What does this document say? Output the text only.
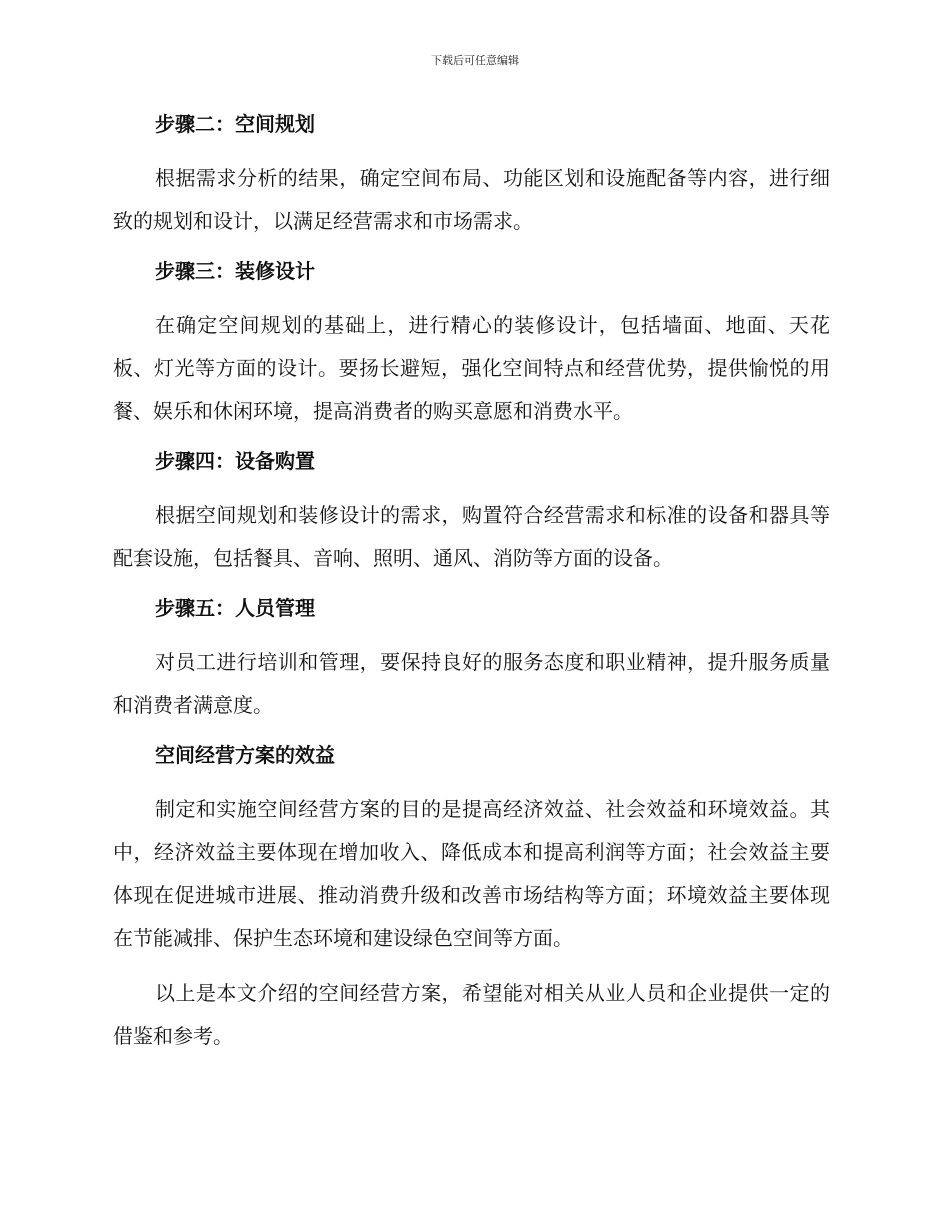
下载后可任意编辑
步骤二：空间规划

根据需求分析的结果，确定空间布局、功能区划和设施配备等内容，进行细致的规划和设计，以满足经营需求和市场需求。

步骤三：装修设计

在确定空间规划的基础上，进行精心的装修设计，包括墙面、地面、天花板、灯光等方面的设计。要扬长避短，强化空间特点和经营优势，提供愉悦的用餐、娱乐和休闲环境，提高消费者的购买意愿和消费水平。

步骤四：设备购置

根据空间规划和装修设计的需求，购置符合经营需求和标准的设备和器具等配套设施，包括餐具、音响、照明、通风、消防等方面的设备。

步骤五：人员管理

对员工进行培训和管理，要保持良好的服务态度和职业精神，提升服务质量和消费者满意度。

空间经营方案的效益

制定和实施空间经营方案的目的是提高经济效益、社会效益和环境效益。其中，经济效益主要体现在增加收入、降低成本和提高利润等方面；社会效益主要体现在促进城市进展、推动消费升级和改善市场结构等方面；环境效益主要体现在节能减排、保护生态环境和建设绿色空间等方面。

以上是本文介绍的空间经营方案，希望能对相关从业人员和企业提供一定的借鉴和参考。
